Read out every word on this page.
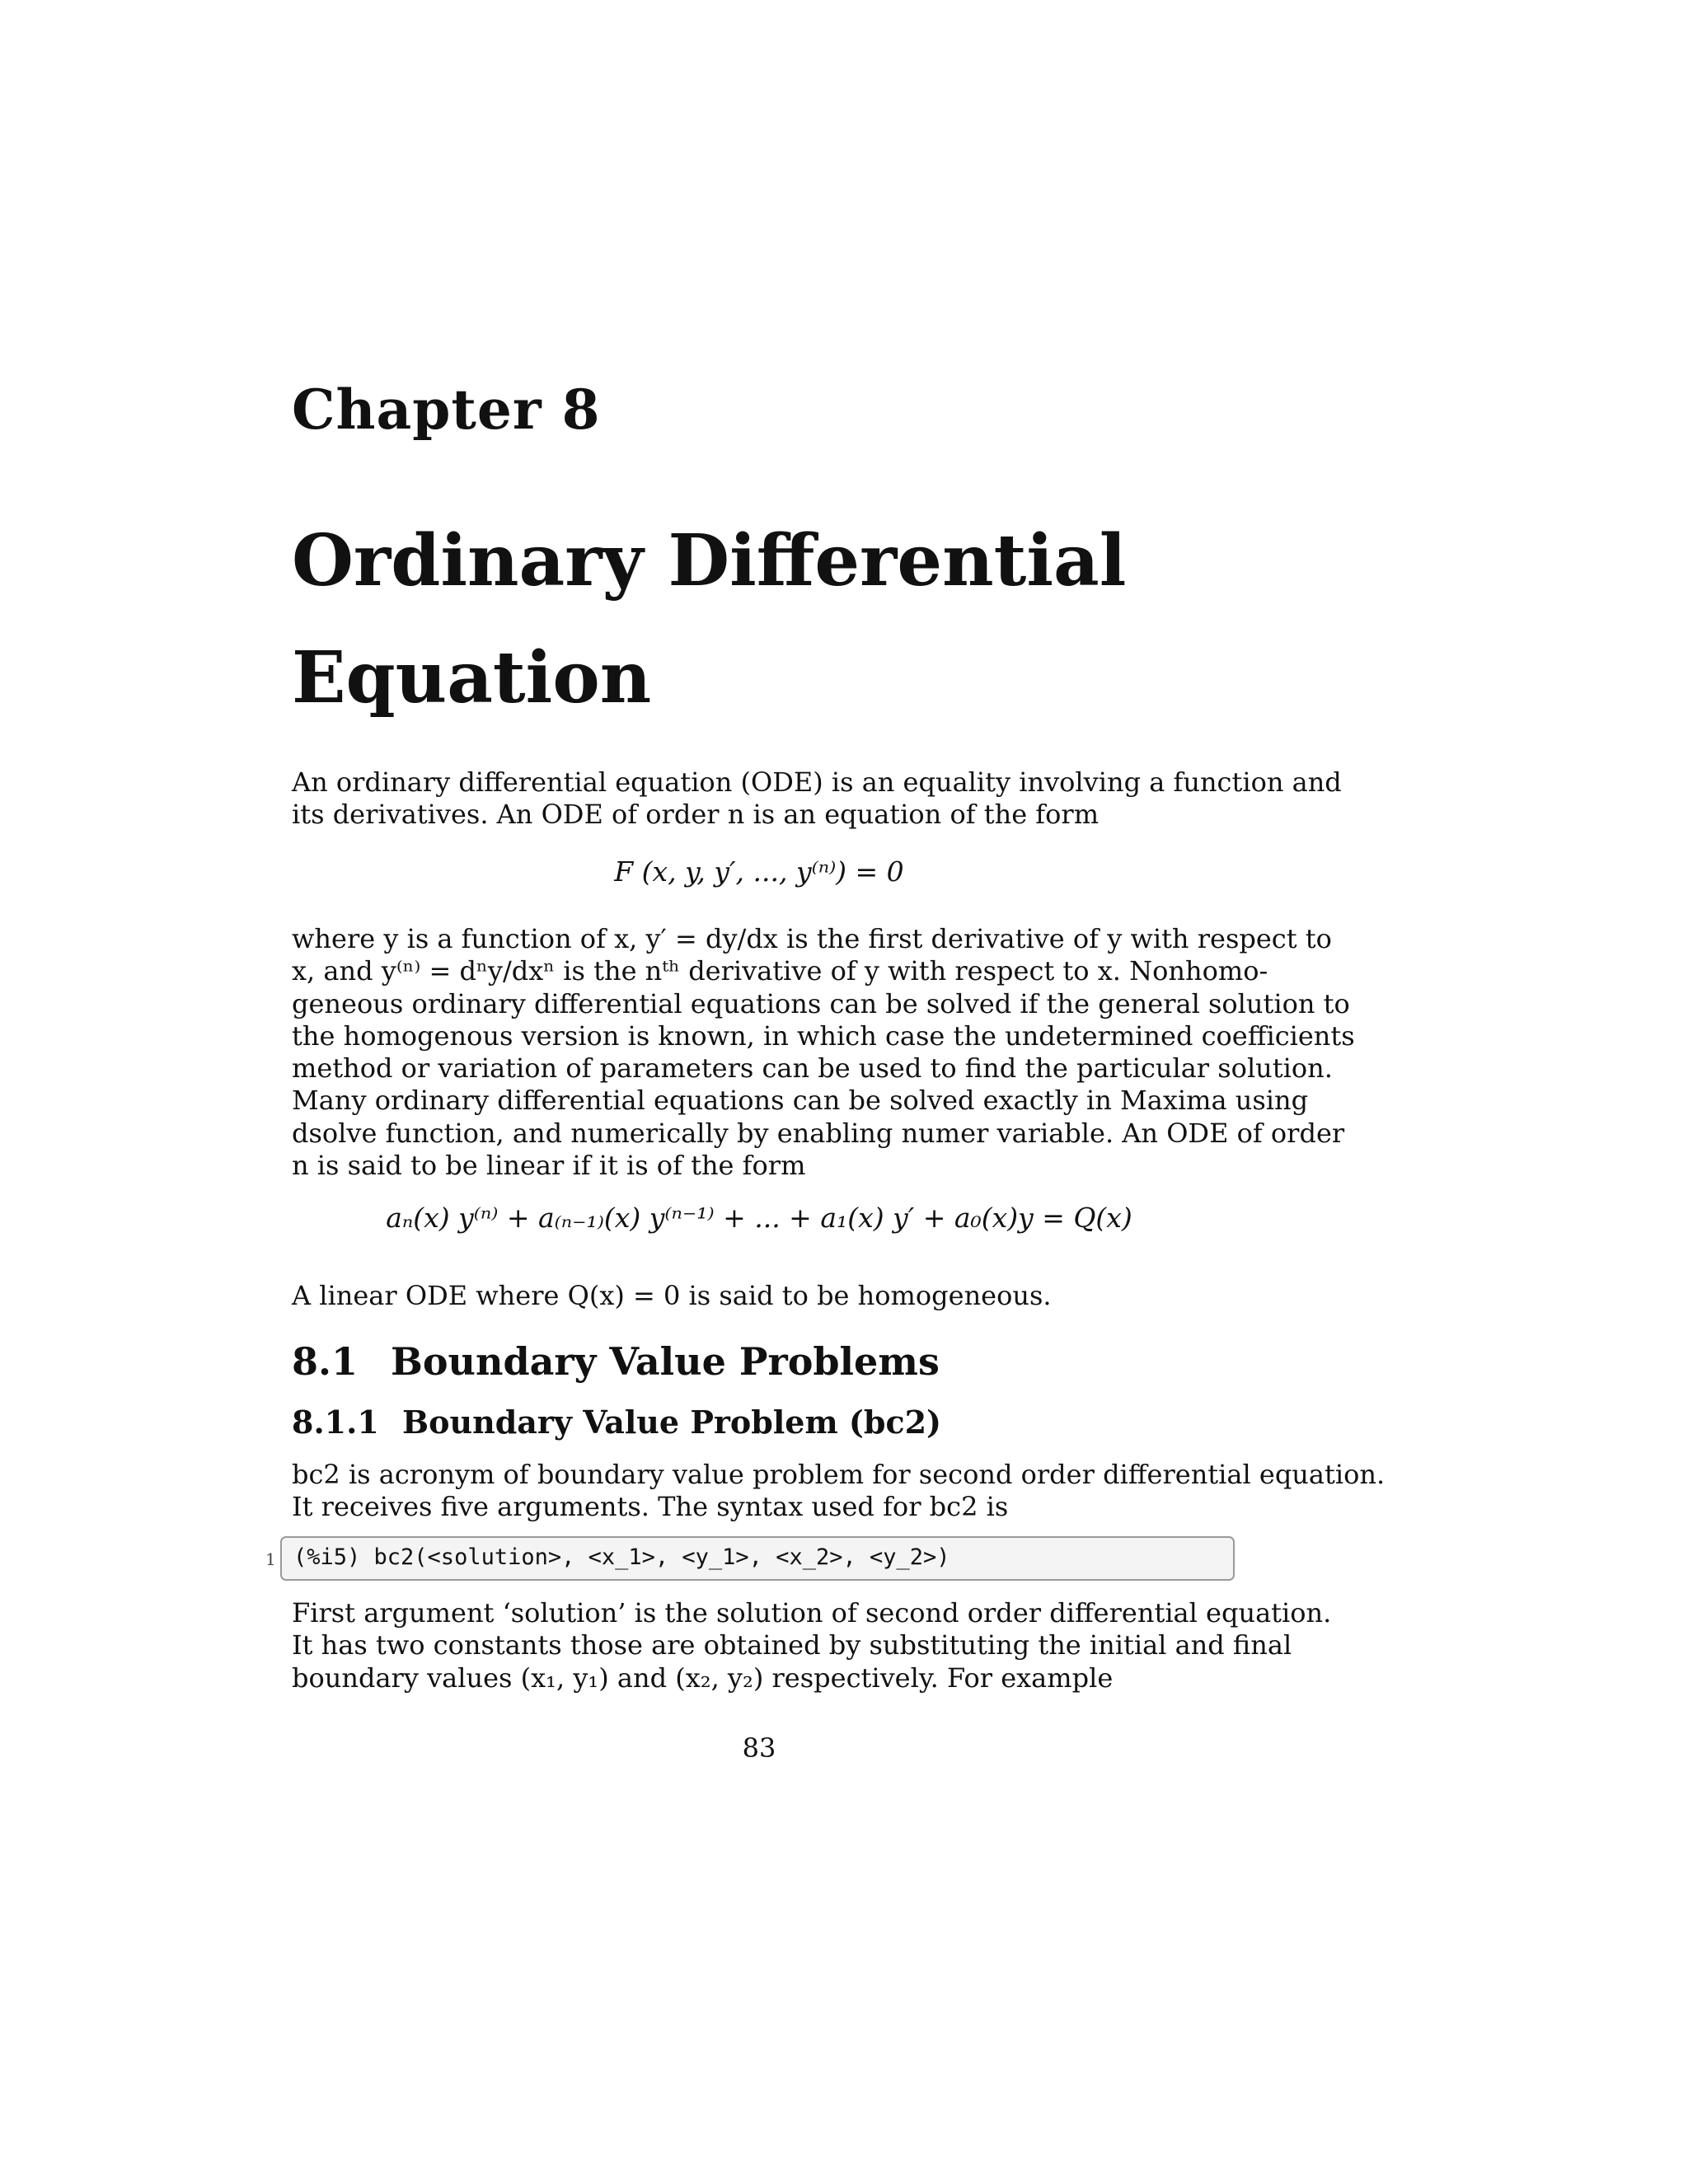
Chapter 8
Ordinary Differential
Equation
An ordinary differential equation (ODE) is an equality involving a function and
its derivatives. An ODE of order n is an equation of the form
F (x, y, y′, ..., y⁽ⁿ⁾) = 0
where y is a function of x, y′ = dy/dx is the first derivative of y with respect to
x, and y⁽ⁿ⁾ = dⁿy/dxⁿ is the nᵗʰ derivative of y with respect to x. Nonhomo-
geneous ordinary differential equations can be solved if the general solution to
the homogenous version is known, in which case the undetermined coefficients
method or variation of parameters can be used to find the particular solution.
Many ordinary differential equations can be solved exactly in Maxima using
dsolve function, and numerically by enabling numer variable. An ODE of order
n is said to be linear if it is of the form
aₙ(x) y⁽ⁿ⁾ + a₍ₙ₋₁₎(x) y⁽ⁿ⁻¹⁾ + ... + a₁(x) y′ + a₀(x)y = Q(x)
A linear ODE where Q(x) = 0 is said to be homogeneous.
8.1 Boundary Value Problems
8.1.1 Boundary Value Problem (bc2)
bc2 is acronym of boundary value problem for second order differential equation.
It receives five arguments. The syntax used for bc2 is
1 (%i5) bc2(<solution>, <x_1>, <y_1>, <x_2>, <y_2>)
First argument ‘solution’ is the solution of second order differential equation.
It has two constants those are obtained by substituting the initial and final
boundary values (x₁, y₁) and (x₂, y₂) respectively. For example
83
